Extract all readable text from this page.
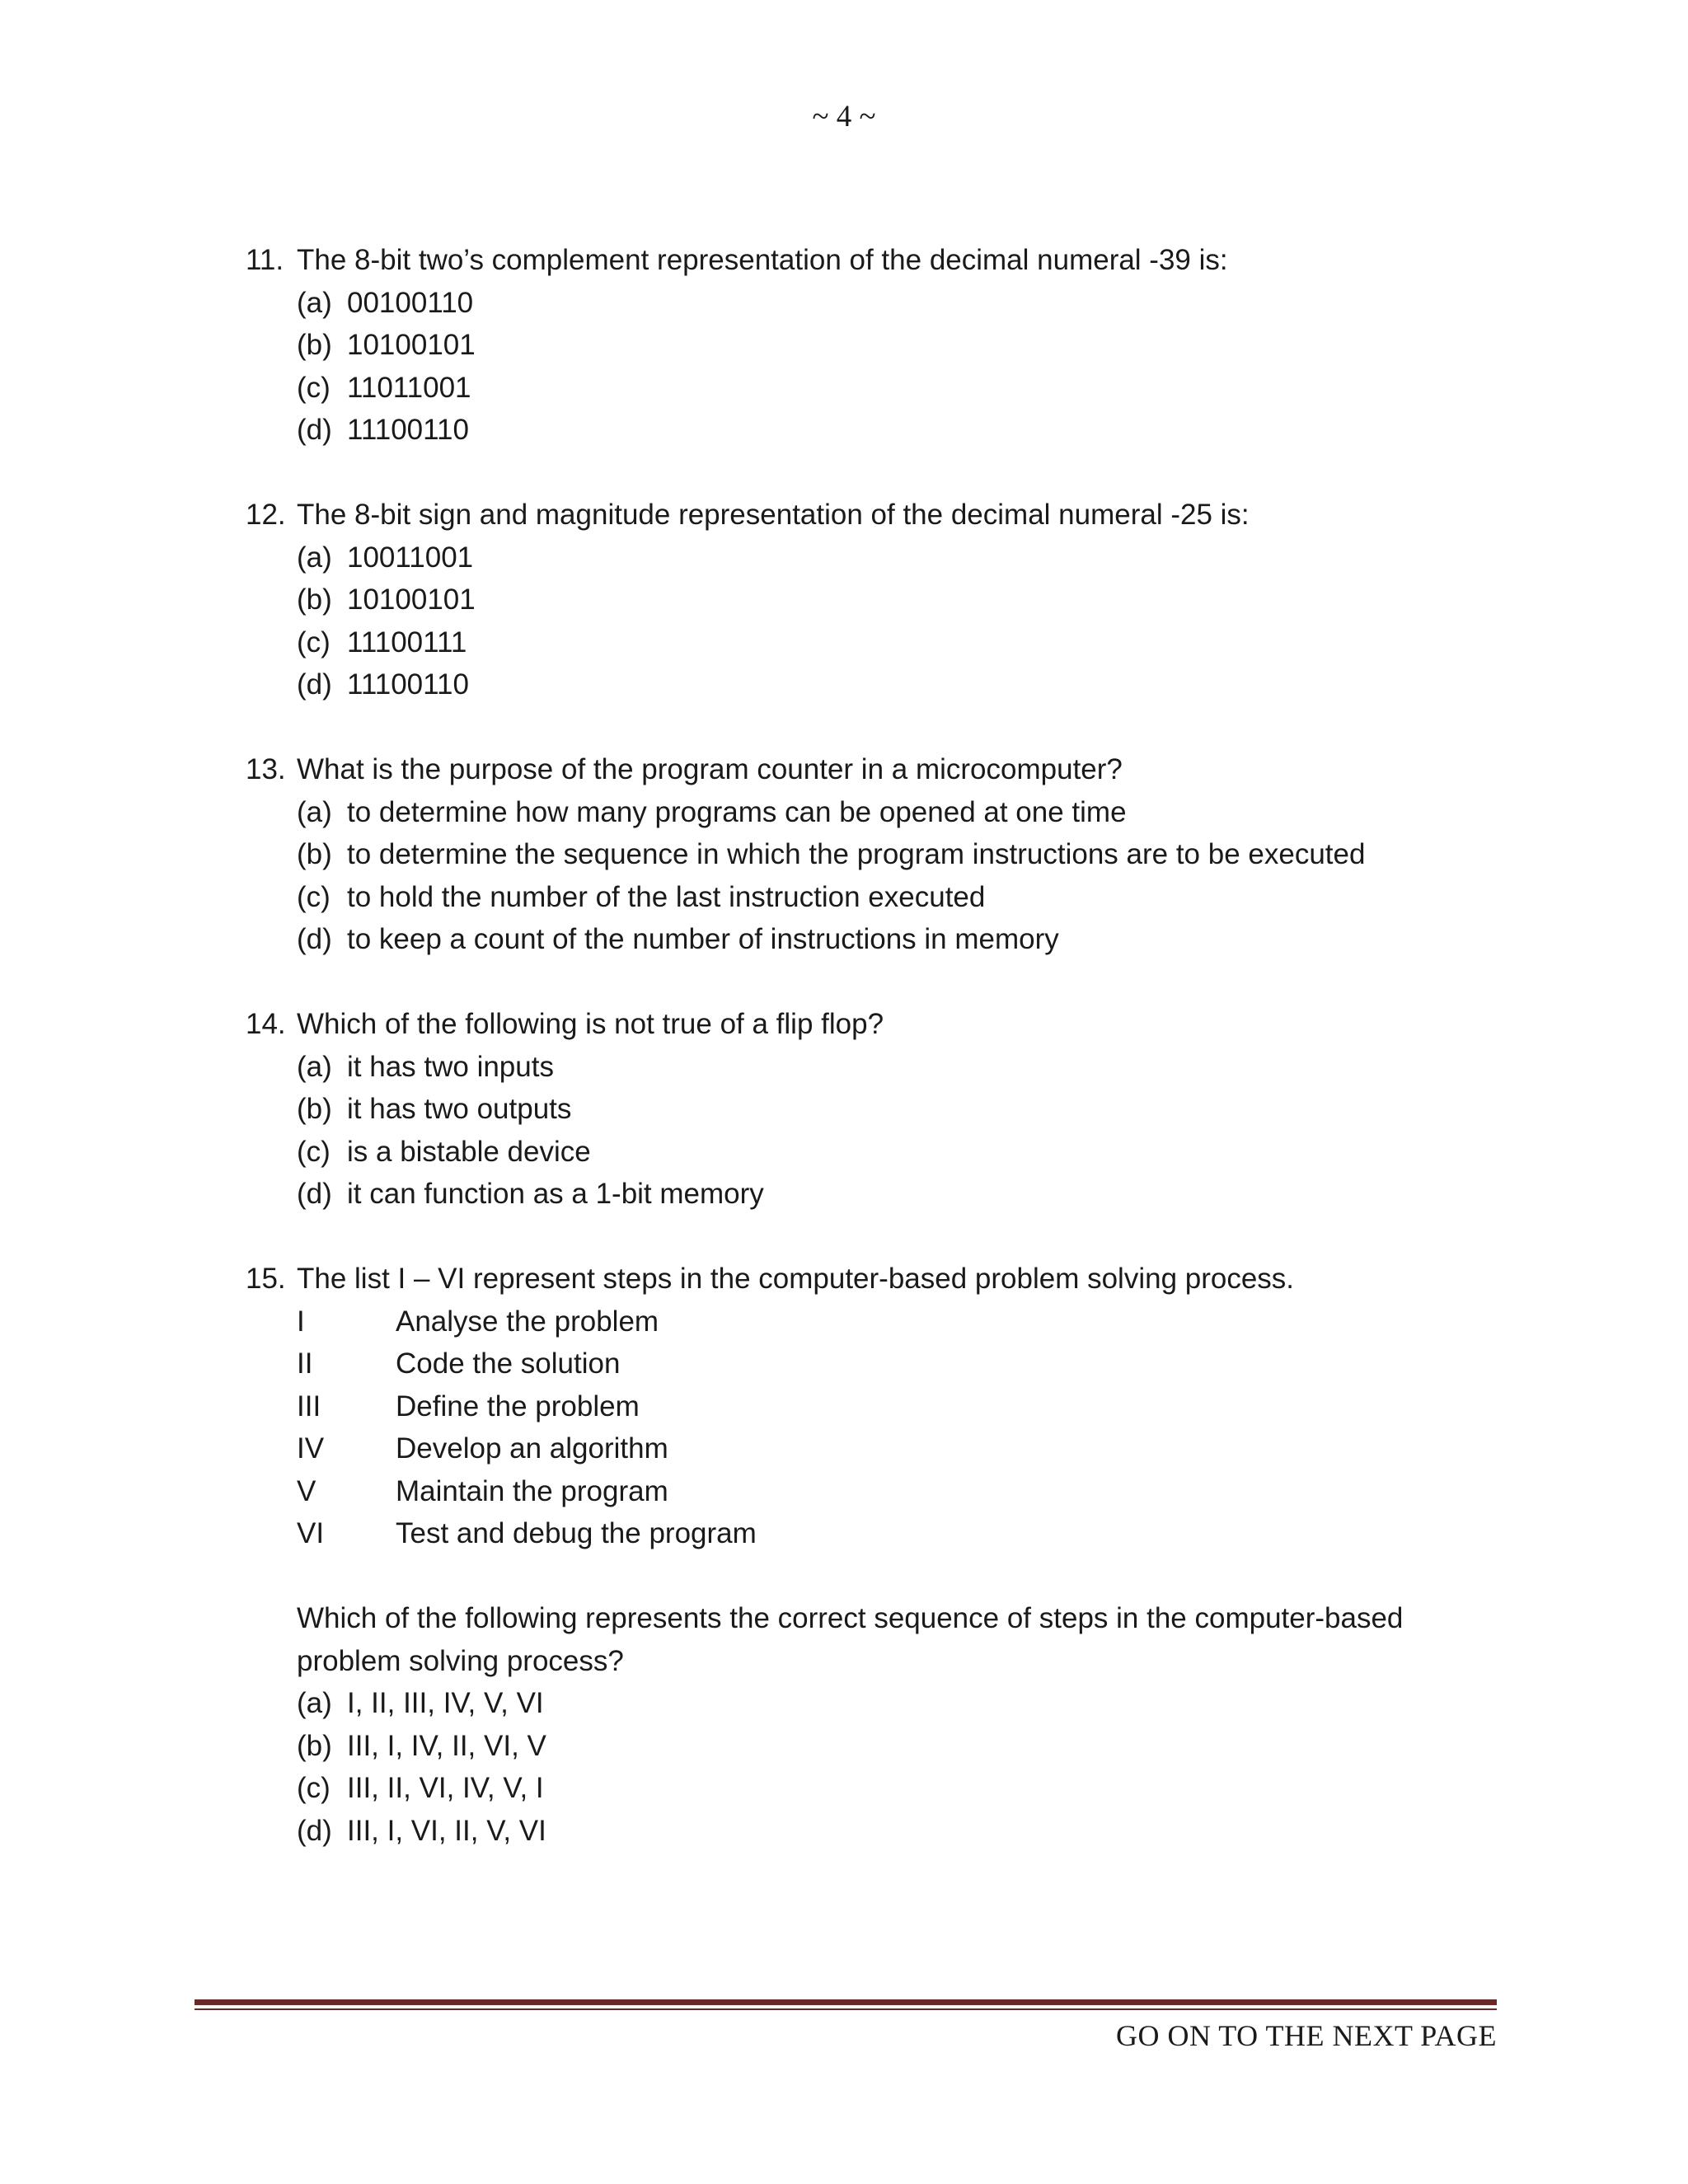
~ 4 ~
11. The 8-bit two’s complement representation of the decimal numeral -39 is:
(a) 00100110
(b) 10100101
(c) 11011001
(d) 11100110
12. The 8-bit sign and magnitude representation of the decimal numeral -25 is:
(a) 10011001
(b) 10100101
(c) 11100111
(d) 11100110
13. What is the purpose of the program counter in a microcomputer?
(a) to determine how many programs can be opened at one time
(b) to determine the sequence in which the program instructions are to be executed
(c) to hold the number of the last instruction executed
(d) to keep a count of the number of instructions in memory
14. Which of the following is not true of a flip flop?
(a) it has two inputs
(b) it has two outputs
(c) is a bistable device
(d) it can function as a 1-bit memory
15. The list I – VI represent steps in the computer-based problem solving process.
I	Analyse the problem
II	Code the solution
III	Define the problem
IV	Develop an algorithm
V	Maintain the program
VI	Test and debug the program
Which of the following represents the correct sequence of steps in the computer-based problem solving process?
(a) I, II, III, IV, V, VI
(b) III, I, IV, II, VI, V
(c) III, II, VI, IV, V, I
(d) III, I, VI, II, V, VI
GO ON TO THE NEXT PAGE
